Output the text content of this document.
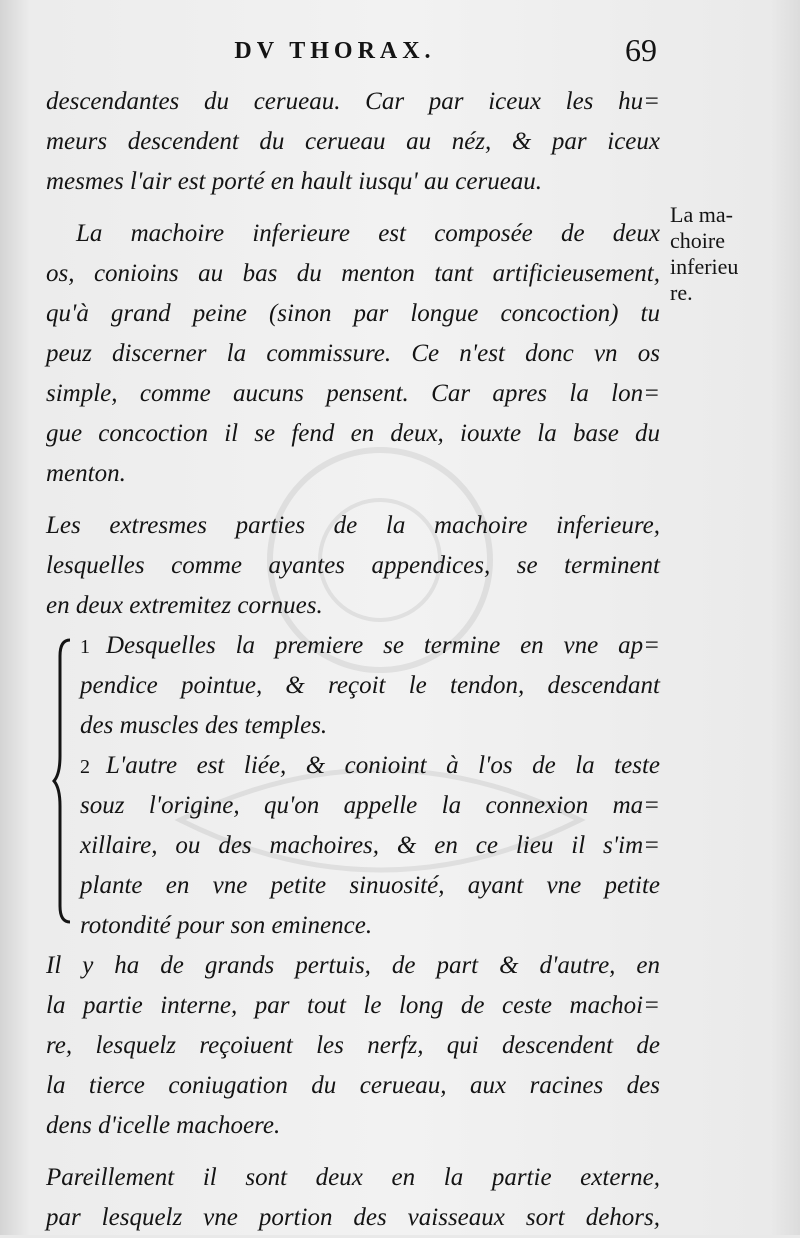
DV THORAX.	69
La ma-
choire
inferieu
re.
descendantes du cerueau. Car par iceux les hu=
meurs descendent du cerueau au néz, & par iceux
mesmes l'air est porté en hault iusqu' au cerueau.
La machoire inferieure est composée de deux
os, conioins au bas du menton tant artificieusement,
qu'à grand peine (sinon par longue concoction) tu
peuz discerner la commissure. Ce n'est donc vn os
simple, comme aucuns pensent. Car apres la lon=
gue concoction il se fend en deux, iouxte la base du
menton.
Les extresmes parties de la machoire inferieure,
lesquelles comme ayantes appendices, se terminent
en deux extremitez cornues.
1 Desquelles la premiere se termine en vne ap=
pendice pointue, & reçoit le tendon, descendant
des muscles des temples.
2 L'autre est liée, & conioint à l'os de la teste
souz l'origine, qu'on appelle la connexion ma=
xillaire, ou des machoires, & en ce lieu il s'im=
plante en vne petite sinuosité, ayant vne petite
rotondité pour son eminence.
Il y ha de grands pertuis, de part & d'autre, en
la partie interne, par tout le long de ceste machoi=
re, lesquelz reçoiuent les nerfz, qui descendent de
la tierce coniugation du cerueau, aux racines des
dens d'icelle machoere.
Pareillement il sont deux en la partie externe,
par lesquelz vne portion des vaisseaux sort dehors,
